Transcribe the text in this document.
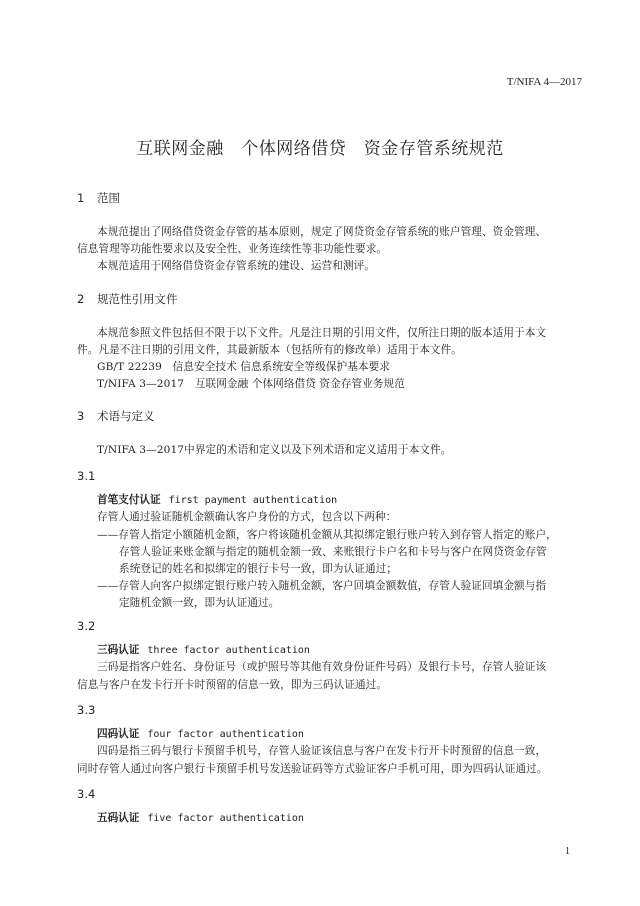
T/NIFA 4—2017
互联网金融　个体网络借贷　资金存管系统规范
1 范围
本规范提出了网络借贷资金存管的基本原则，规定了网贷资金存管系统的账户管理、资金管理、
信息管理等功能性要求以及安全性、业务连续性等非功能性要求。
本规范适用于网络借贷资金存管系统的建设、运营和测评。
2 规范性引用文件
本规范参照文件包括但不限于以下文件。凡是注日期的引用文件，仅所注日期的版本适用于本文
件。凡是不注日期的引用文件，其最新版本（包括所有的修改单）适用于本文件。
GB/T 22239　信息安全技术 信息系统安全等级保护基本要求
T/NIFA 3—2017　互联网金融 个体网络借贷 资金存管业务规范
3 术语与定义
T/NIFA 3—2017中界定的术语和定义以及下列术语和定义适用于本文件。
3.1
首笔支付认证 first payment authentication
存管人通过验证随机金额确认客户身份的方式，包含以下两种：
——存管人指定小额随机金额，客户将该随机金额从其拟绑定银行账户转入到存管人指定的账户，
存管人验证来账金额与指定的随机金额一致、来账银行卡户名和卡号与客户在网贷资金存管
系统登记的姓名和拟绑定的银行卡号一致，即为认证通过；
——存管人向客户拟绑定银行账户转入随机金额，客户回填金额数值，存管人验证回填金额与指
定随机金额一致，即为认证通过。
3.2
三码认证 three factor authentication
三码是指客户姓名、身份证号（或护照号等其他有效身份证件号码）及银行卡号，存管人验证该
信息与客户在发卡行开卡时预留的信息一致，即为三码认证通过。
3.3
四码认证 four factor authentication
四码是指三码与银行卡预留手机号，存管人验证该信息与客户在发卡行开卡时预留的信息一致，
同时存管人通过向客户银行卡预留手机号发送验证码等方式验证客户手机可用，即为四码认证通过。
3.4
五码认证 five factor authentication
1
